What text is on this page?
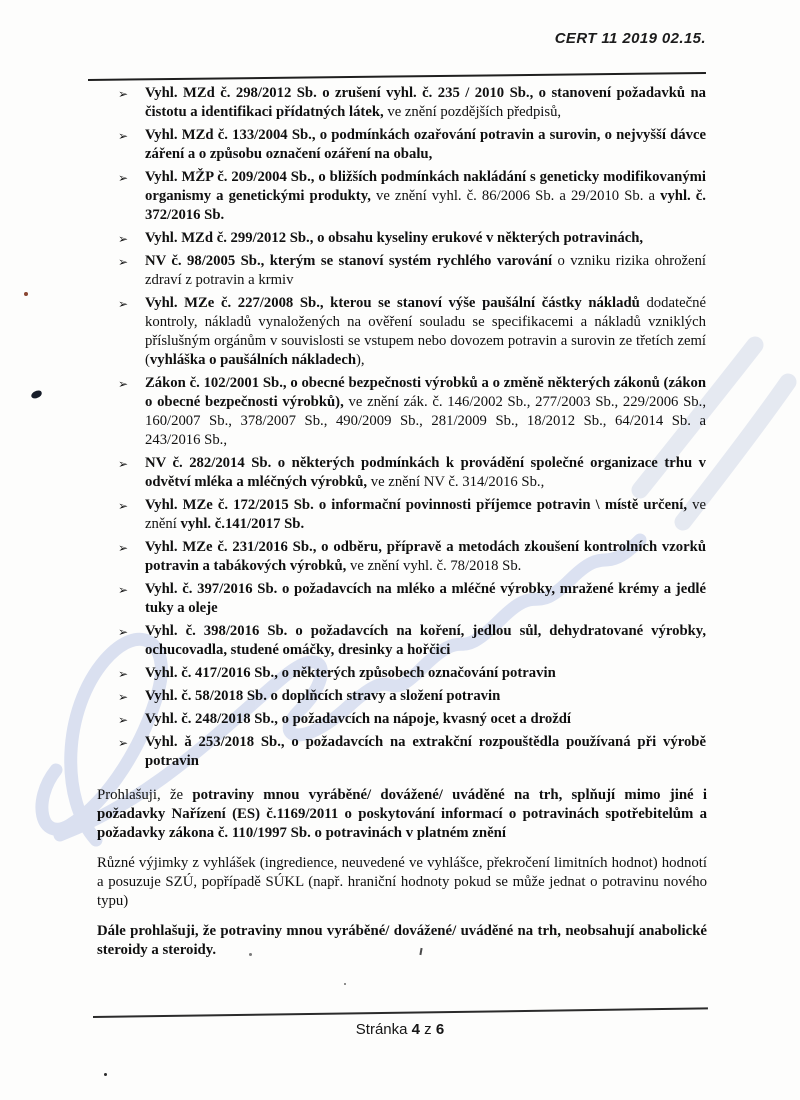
CERT 11 2019 02.15.
➢ Vyhl. MZd č. 298/2012 Sb. o zrušení vyhl. č. 235 / 2010 Sb., o stanovení požadavků na čistotu a identifikaci přídatných látek, ve znění pozdějších předpisů,
➢ Vyhl. MZd č. 133/2004 Sb., o podmínkách ozařování potravin a surovin, o nejvyšší dávce záření a o způsobu označení ozáření na obalu,
➢ Vyhl. MŽP č. 209/2004 Sb., o bližších podmínkách nakládání s geneticky modifikovanými organismy a genetickými produkty, ve znění vyhl. č. 86/2006 Sb. a 29/2010 Sb. a vyhl. č. 372/2016 Sb.
➢ Vyhl. MZd č. 299/2012 Sb., o obsahu kyseliny erukové v některých potravinách,
➢ NV č. 98/2005 Sb., kterým se stanoví systém rychlého varování o vzniku rizika ohrožení zdraví z potravin a krmiv
➢ Vyhl. MZe č. 227/2008 Sb., kterou se stanoví výše paušální částky nákladů dodatečné kontroly, nákladů vynaložených na ověření souladu se specifikacemi a nákladů vzniklých příslušným orgánům v souvislosti se vstupem nebo dovozem potravin a surovin ze třetích zemí (vyhláška o paušálních nákladech),
➢ Zákon č. 102/2001 Sb., o obecné bezpečnosti výrobků a o změně některých zákonů (zákon o obecné bezpečnosti výrobků), ve znění zák. č. 146/2002 Sb., 277/2003 Sb., 229/2006 Sb., 160/2007 Sb., 378/2007 Sb., 490/2009 Sb., 281/2009 Sb., 18/2012 Sb., 64/2014 Sb. a 243/2016 Sb.,
➢ NV č. 282/2014 Sb. o některých podmínkách k provádění společné organizace trhu v odvětví mléka a mléčných výrobků, ve znění NV č. 314/2016 Sb.,
➢ Vyhl. MZe č. 172/2015 Sb. o informační povinnosti příjemce potravin \ místě určení, ve znění vyhl. č.141/2017 Sb.
➢ Vyhl. MZe č. 231/2016 Sb., o odběru, přípravě a metodách zkoušení kontrolních vzorků potravin a tabákových výrobků, ve znění vyhl. č. 78/2018 Sb.
➢ Vyhl. č. 397/2016 Sb. o požadavcích na mléko a mléčné výrobky, mražené krémy a jedlé tuky a oleje
➢ Vyhl. č. 398/2016 Sb. o požadavcích na koření, jedlou sůl, dehydratované výrobky, ochucovadla, studené omáčky, dresinky a hořčici
➢ Vyhl. č. 417/2016 Sb., o některých způsobech označování potravin
➢ Vyhl. č. 58/2018 Sb. o doplňcích stravy a složení potravin
➢ Vyhl. č. 248/2018 Sb., o požadavcích na nápoje, kvasný ocet a droždí
➢ Vyhl. ǎ 253/2018 Sb., o požadavcích na extrakční rozpouštědla používaná při výrobě potravin

Prohlašuji, že potraviny mnou vyráběné/ dovážené/ uváděné na trh, splňují mimo jiné i požadavky Nařízení (ES) č.1169/2011 o poskytování informací o potravinách spotřebitelům a požadavky zákona č. 110/1997 Sb. o potravinách v platném znění

Různé výjimky z vyhlášek (ingredience, neuvedené ve vyhlášce, překročení limitních hodnot) hodnotí a posuzuje SZÚ, popřípadě SÚKL (např. hraniční hodnoty pokud se může jednat o potravinu nového typu)

Dále prohlašuji, že potraviny mnou vyráběné/ dovážené/ uváděné na trh, neobsahují anabolické steroidy a steroidy.

Stránka 4 z 6
